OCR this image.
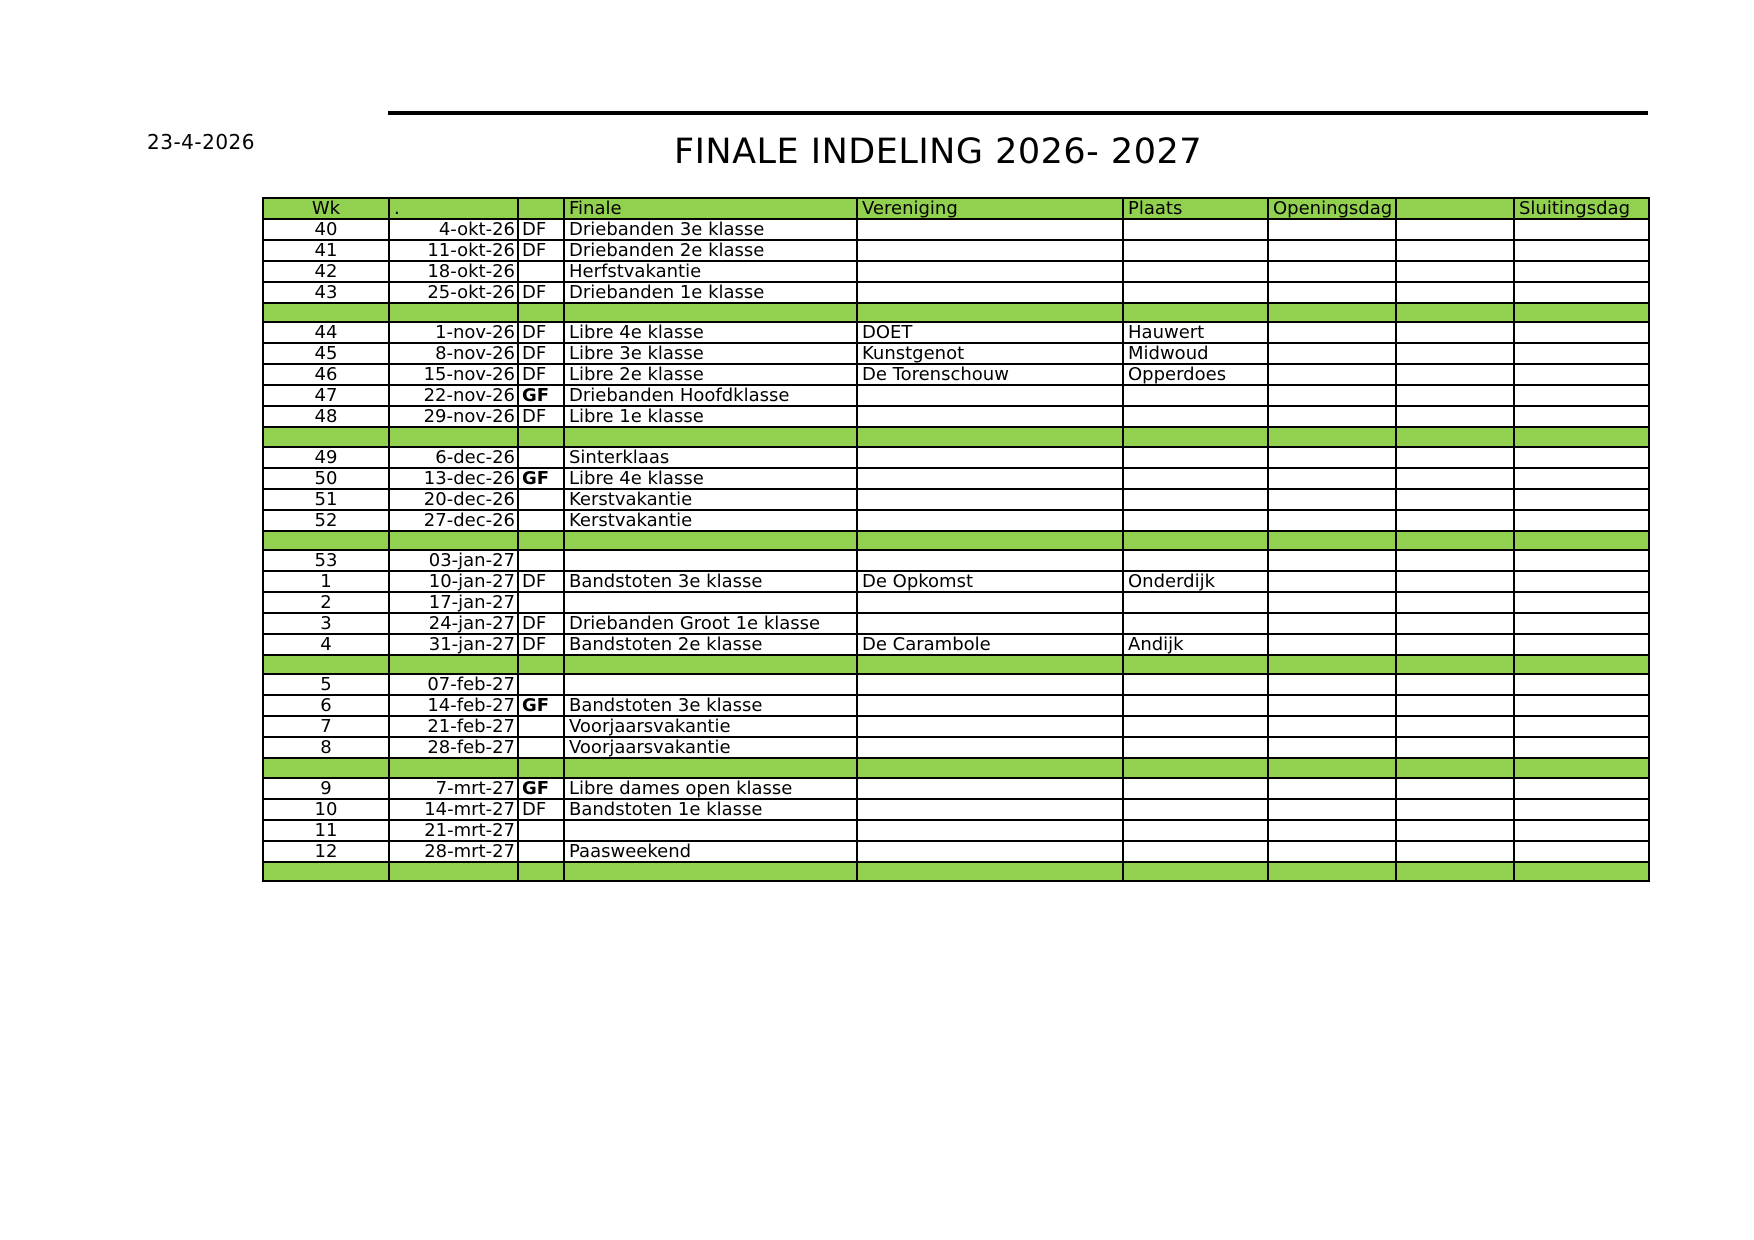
23-4-2026	FINALE INDELING 2026- 2027
Wk	.		Finale	Vereniging	Plaats	Openingsdag		Sluitingsdag
40	4-okt-26	DF	Driebanden 3e klasse					
41	11-okt-26	DF	Driebanden 2e klasse					
42	18-okt-26		Herfstvakantie					
43	25-okt-26	DF	Driebanden 1e klasse					

44	1-nov-26	DF	Libre 4e klasse	DOET	Hauwert			
45	8-nov-26	DF	Libre 3e klasse	Kunstgenot	Midwoud			
46	15-nov-26	DF	Libre 2e klasse	De Torenschouw	Opperdoes			
47	22-nov-26	GF	Driebanden Hoofdklasse					
48	29-nov-26	DF	Libre 1e klasse					

49	6-dec-26		Sinterklaas					
50	13-dec-26	GF	Libre 4e klasse					
51	20-dec-26		Kerstvakantie					
52	27-dec-26		Kerstvakantie					

53	03-jan-27							
1	10-jan-27	DF	Bandstoten 3e klasse	De Opkomst	Onderdijk			
2	17-jan-27							
3	24-jan-27	DF	Driebanden Groot 1e klasse					
4	31-jan-27	DF	Bandstoten 2e klasse	De Carambole	Andijk			

5	07-feb-27							
6	14-feb-27	GF	Bandstoten 3e klasse					
7	21-feb-27		Voorjaarsvakantie					
8	28-feb-27		Voorjaarsvakantie					

9	7-mrt-27	GF	Libre dames open klasse					
10	14-mrt-27	DF	Bandstoten 1e klasse					
11	21-mrt-27							
12	28-mrt-27		Paasweekend					
